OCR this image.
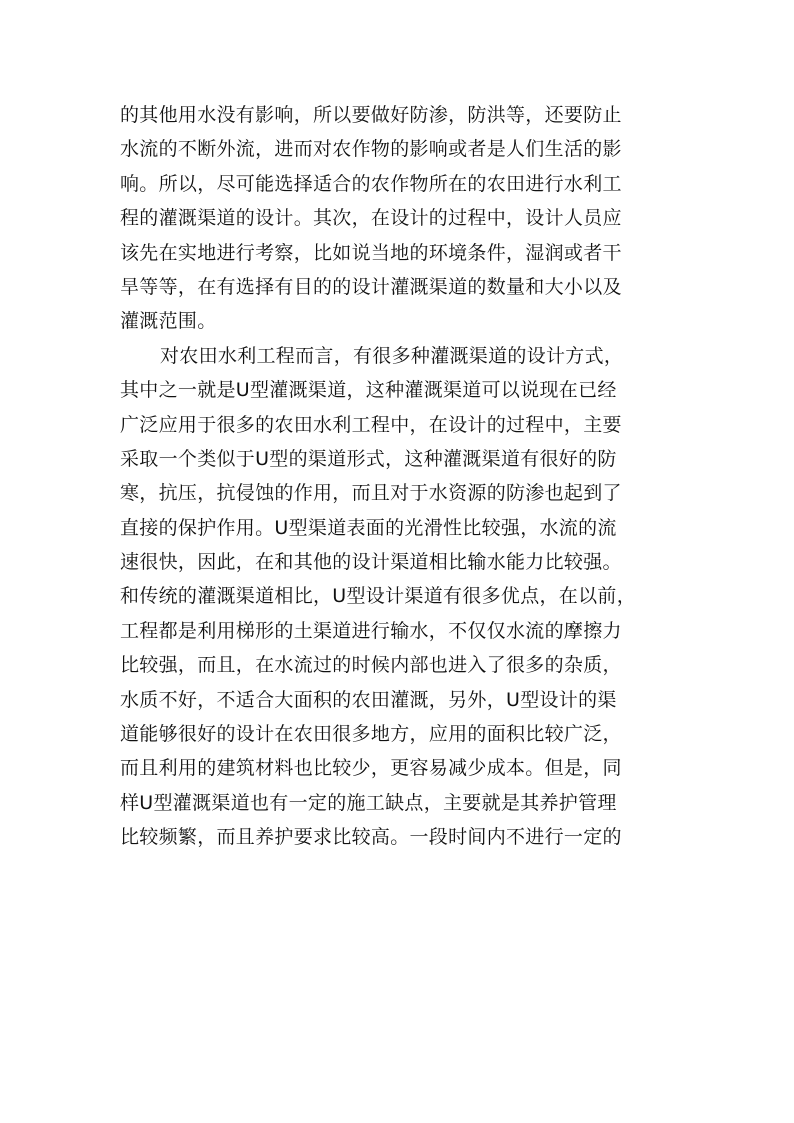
的其他用水没有影响，所以要做好防渗，防洪等，还要防止
水流的不断外流，进而对农作物的影响或者是人们生活的影
响。所以，尽可能选择适合的农作物所在的农田进行水利工
程的灌溉渠道的设计。其次，在设计的过程中，设计人员应
该先在实地进行考察，比如说当地的环境条件，湿润或者干
旱等等，在有选择有目的的设计灌溉渠道的数量和大小以及
灌溉范围。
对农田水利工程而言，有很多种灌溉渠道的设计方式，
其中之一就是U型灌溉渠道，这种灌溉渠道可以说现在已经
广泛应用于很多的农田水利工程中，在设计的过程中，主要
采取一个类似于U型的渠道形式，这种灌溉渠道有很好的防
寒，抗压，抗侵蚀的作用，而且对于水资源的防渗也起到了
直接的保护作用。U型渠道表面的光滑性比较强，水流的流
速很快，因此，在和其他的设计渠道相比输水能力比较强。
和传统的灌溉渠道相比，U型设计渠道有很多优点，在以前，
工程都是利用梯形的土渠道进行输水，不仅仅水流的摩擦力
比较强，而且，在水流过的时候内部也进入了很多的杂质，
水质不好，不适合大面积的农田灌溉，另外，U型设计的渠
道能够很好的设计在农田很多地方，应用的面积比较广泛，
而且利用的建筑材料也比较少，更容易减少成本。但是，同
样U型灌溉渠道也有一定的施工缺点，主要就是其养护管理
比较频繁，而且养护要求比较高。一段时间内不进行一定的
